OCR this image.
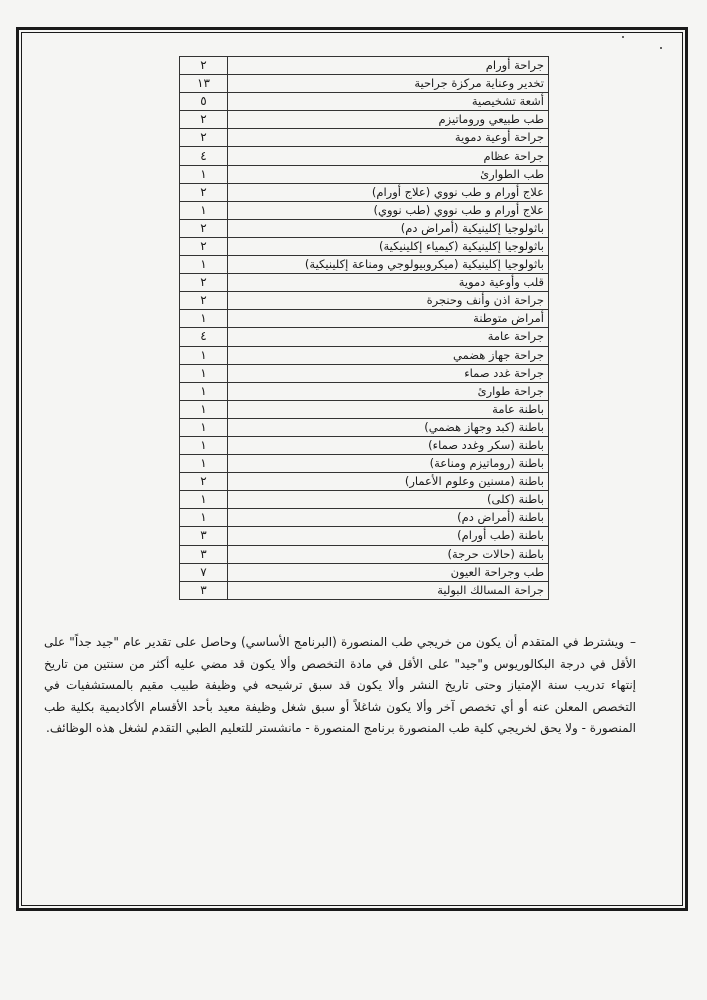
جراحة أورام	٢
تخدير وعناية مركزة جراحية	١٣
أشعة تشخيصية	٥
طب طبيعي وروماتيزم	٢
جراحة أوعية دموية	٢
جراحة عظام	٤
طب الطوارئ	١
علاج أورام و طب نووي (علاج أورام)	٢
علاج أورام و طب نووي (طب نووي)	١
باثولوجيا إكلينيكية (أمراض دم)	٢
باثولوجيا إكلينيكية (كيمياء إكلينيكية)	٢
باثولوجيا إكلينيكية (ميكروبيولوجي ومناعة إكلينيكية)	١
قلب وأوعية دموية	٢
جراحة اذن وأنف وحنجرة	٢
أمراض متوطنة	١
جراحة عامة	٤
جراحة جهاز هضمي	١
جراحة غدد صماء	١
جراحة طوارئ	١
باطنة عامة	١
باطنة (كبد وجهاز هضمي)	١
باطنة (سكر وغدد صماء)	١
باطنة (روماتيزم ومناعة)	١
باطنة (مسنين وعلوم الأعمار)	٢
باطنة (كلى)	١
باطنة (أمراض دم)	١
باطنة (طب أورام)	٣
باطنة (حالات حرجة)	٣
طب وجراحة العيون	٧
جراحة المسالك البولية	٣
–ويشترط في المتقدم أن يكون من خريجي طب المنصورة (البرنامج الأساسي) وحاصل على تقدير عام "جيد جداً" على الأقل في درجة البكالوريوس و"جيد" على الأقل في مادة التخصص وألا يكون قد مضي عليه أكثر من سنتين من تاريخ إنتهاء تدريب سنة الإمتياز وحتى تاريخ النشر وألا يكون قد سبق ترشيحه في وظيفة طبيب مقيم بالمستشفيات في التخصص المعلن عنه أو أي تخصص آخر وألا يكون شاغلاً أو سبق شغل وظيفة معيد بأحد الأقسام الأكاديمية بكلية طب المنصورة - ولا يحق لخريجي كلية طب المنصورة برنامج المنصورة - مانشستر للتعليم الطبي التقدم لشغل هذه الوظائف.
